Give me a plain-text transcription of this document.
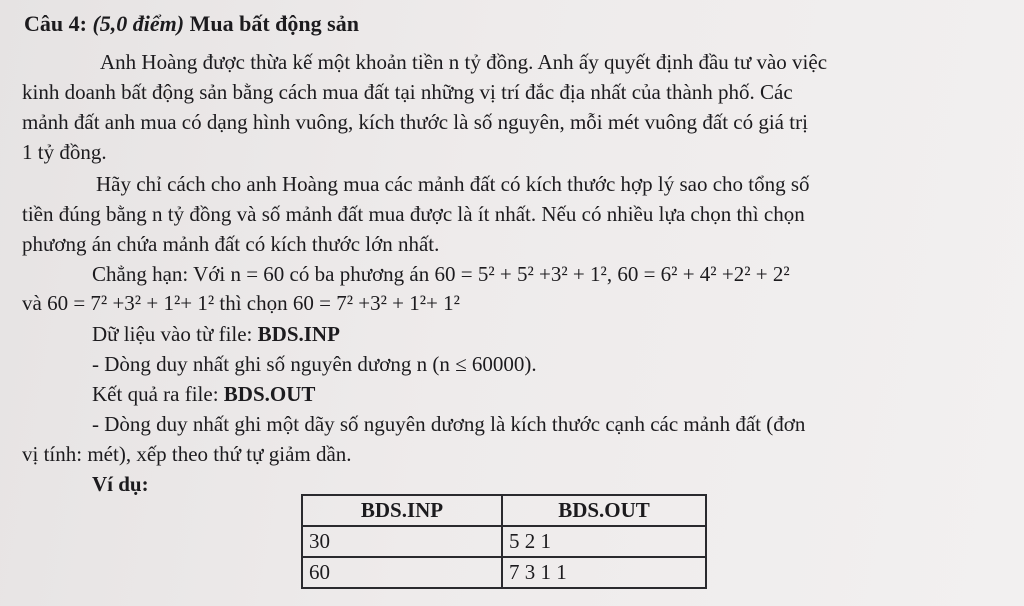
Câu 4: (5,0 điểm) Mua bất động sản
Anh Hoàng được thừa kế một khoản tiền n tỷ đồng. Anh ấy quyết định đầu tư vào việc
kinh doanh bất động sản bằng cách mua đất tại những vị trí đắc địa nhất của thành phố. Các
mảnh đất anh mua có dạng hình vuông, kích thước là số nguyên, mỗi mét vuông đất có giá trị
1 tỷ đồng.
Hãy chỉ cách cho anh Hoàng mua các mảnh đất có kích thước hợp lý sao cho tổng số
tiền đúng bằng n tỷ đồng và số mảnh đất mua được là ít nhất. Nếu có nhiều lựa chọn thì chọn
phương án chứa mảnh đất có kích thước lớn nhất.
Chẳng hạn: Với n = 60 có ba phương án 60 = 5² + 5² +3² + 1², 60 = 6² + 4² +2² + 2²
và 60 = 7² +3² + 1²+ 1² thì chọn 60 = 7² +3² + 1²+ 1²
Dữ liệu vào từ file: BDS.INP
- Dòng duy nhất ghi số nguyên dương n (n ≤ 60000).
Kết quả ra file: BDS.OUT
- Dòng duy nhất ghi một dãy số nguyên dương là kích thước cạnh các mảnh đất (đơn
vị tính: mét), xếp theo thứ tự giảm dần.
Ví dụ:
BDS.INP	BDS.OUT
30	5 2 1
60	7 3 1 1
